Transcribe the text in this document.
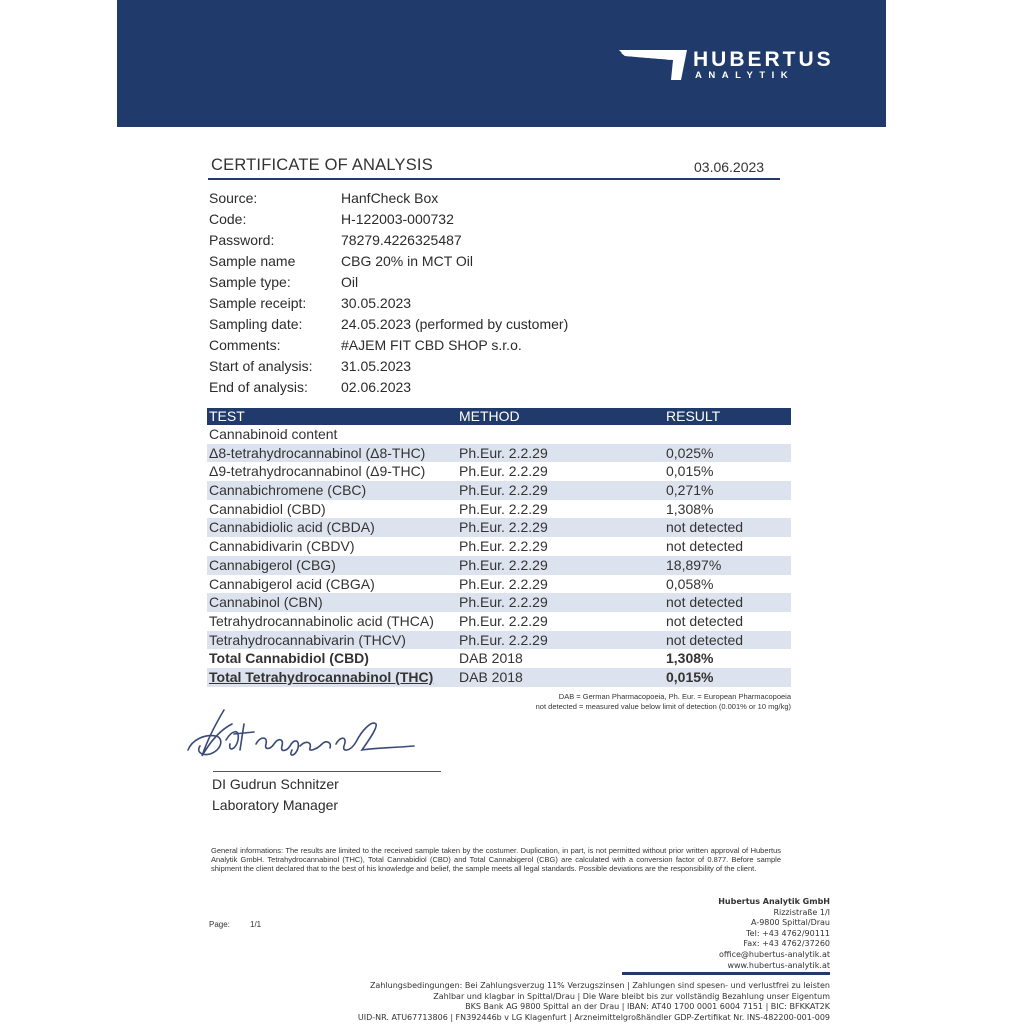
HUBERTUS
ANALYTIK
CERTIFICATE OF ANALYSIS	03.06.2023
Source:	HanfCheck Box
Code:	H-122003-000732
Password:	78279.4226325487
Sample name	CBG 20% in MCT Oil
Sample type:	Oil
Sample receipt: 30.05.2023
Sampling date:	24.05.2023 (performed by customer)
Comments:	#AJEM FIT CBD SHOP s.r.o.
Start of analysis: 31.05.2023
End of analysis: 02.06.2023
TEST	METHOD	RESULT
Cannabinoid content
Δ8-tetrahydrocannabinol (Δ8-THC) Ph.Eur. 2.2.29	0,025%
Δ9-tetrahydrocannabinol (Δ9-THC) Ph.Eur. 2.2.29	0,015%
Cannabichromene (CBC)	Ph.Eur. 2.2.29	0,271%
Cannabidiol (CBD)	Ph.Eur. 2.2.29	1,308%
Cannabidiolic acid (CBDA)	Ph.Eur. 2.2.29	not detected
Cannabidivarin (CBDV)	Ph.Eur. 2.2.29	not detected
Cannabigerol (CBG)	Ph.Eur. 2.2.29	18,897%
Cannabigerol acid (CBGA)	Ph.Eur. 2.2.29	0,058%
Cannabinol (CBN)	Ph.Eur. 2.2.29	not detected
Tetrahydrocannabinolic acid (THCA) Ph.Eur. 2.2.29	not detected
Tetrahydrocannabivarin (THCV)	Ph.Eur. 2.2.29	not detected
Total Cannabidiol (CBD)	DAB 2018	1,308%
Total Tetrahydrocannabinol (THC) DAB 2018	0,015%
DAB = German Pharmacopoeia, Ph. Eur. = European Pharmacopoeia
not detected = measured value below limit of detection (0.001% or 10 mg/kg)
DI Gudrun Schnitzer
Laboratory Manager
General informations: The results are limited to the received sample taken by the costumer. Duplication, in part, is not permitted without prior written approval of Hubertus Analytik GmbH. Tetrahydrocannabinol (THC), Total Cannabidiol (CBD) and Total Cannabigerol (CBG) are calculated with a conversion factor of 0.877. Before sample shipment the client declared that to the best of his knowledge and belief, the sample meets all legal standards. Possible deviations are the responsibility of the client.
Page:	1/1
Hubertus Analytik GmbH
Rizzistraße 1/I
A-9800 Spittal/Drau
Tel: +43 4762/90111
Fax: +43 4762/37260
office@hubertus-analytik.at
www.hubertus-analytik.at
Zahlungsbedingungen: Bei Zahlungsverzug 11% Verzugszinsen | Zahlungen sind spesen- und verlustfrei zu leisten
Zahlbar und klagbar in Spittal/Drau | Die Ware bleibt bis zur vollständig Bezahlung unser Eigentum
BKS Bank AG 9800 Spittal an der Drau | IBAN: AT40 1700 0001 6004 7151 | BIC: BFKKAT2K
UID-NR. ATU67713806 | FN392446b v LG Klagenfurt | Arzneimittelgroßhändler GDP-Zertifikat Nr. INS-482200-001-009
